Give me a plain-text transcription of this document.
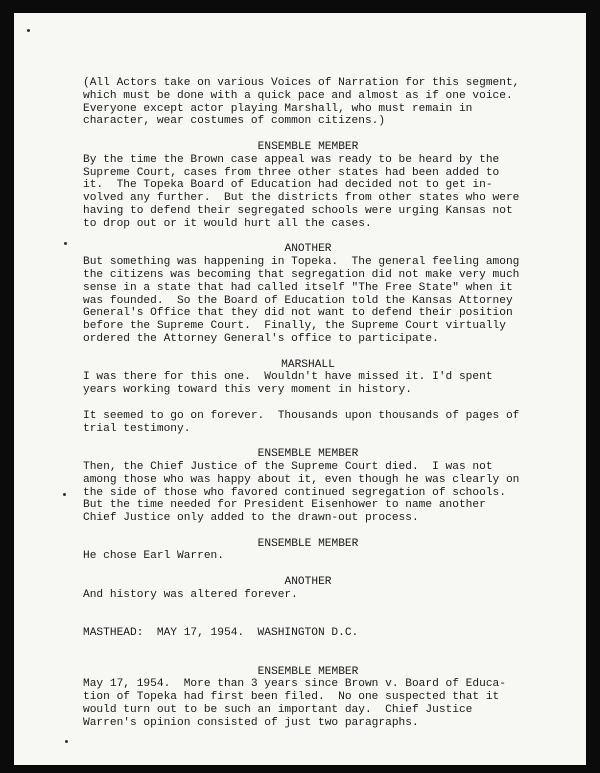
(All Actors take on various Voices of Narration for this segment,
which must be done with a quick pace and almost as if one voice.
Everyone except actor playing Marshall, who must remain in
character, wear costumes of common citizens.)
ENSEMBLE MEMBER
By the time the Brown case appeal was ready to be heard by the
Supreme Court, cases from three other states had been added to
it.  The Topeka Board of Education had decided not to get in-
volved any further.  But the districts from other states who were
having to defend their segregated schools were urging Kansas not
to drop out or it would hurt all the cases.
ANOTHER
But something was happening in Topeka.  The general feeling among
the citizens was becoming that segregation did not make very much
sense in a state that had called itself "The Free State" when it
was founded.  So the Board of Education told the Kansas Attorney
General's Office that they did not want to defend their position
before the Supreme Court.  Finally, the Supreme Court virtually
ordered the Attorney General's office to participate.
MARSHALL
I was there for this one.  Wouldn't have missed it. I'd spent
years working toward this very moment in history.
It seemed to go on forever.  Thousands upon thousands of pages of
trial testimony.
ENSEMBLE MEMBER
Then, the Chief Justice of the Supreme Court died.  I was not
among those who was happy about it, even though he was clearly on
the side of those who favored continued segregation of schools.
But the time needed for President Eisenhower to name another
Chief Justice only added to the drawn-out process.
ENSEMBLE MEMBER
He chose Earl Warren.
ANOTHER
And history was altered forever.
MASTHEAD:  MAY 17, 1954.  WASHINGTON D.C.
ENSEMBLE MEMBER
May 17, 1954.  More than 3 years since Brown v. Board of Educa-
tion of Topeka had first been filed.  No one suspected that it
would turn out to be such an important day.  Chief Justice
Warren's opinion consisted of just two paragraphs.
